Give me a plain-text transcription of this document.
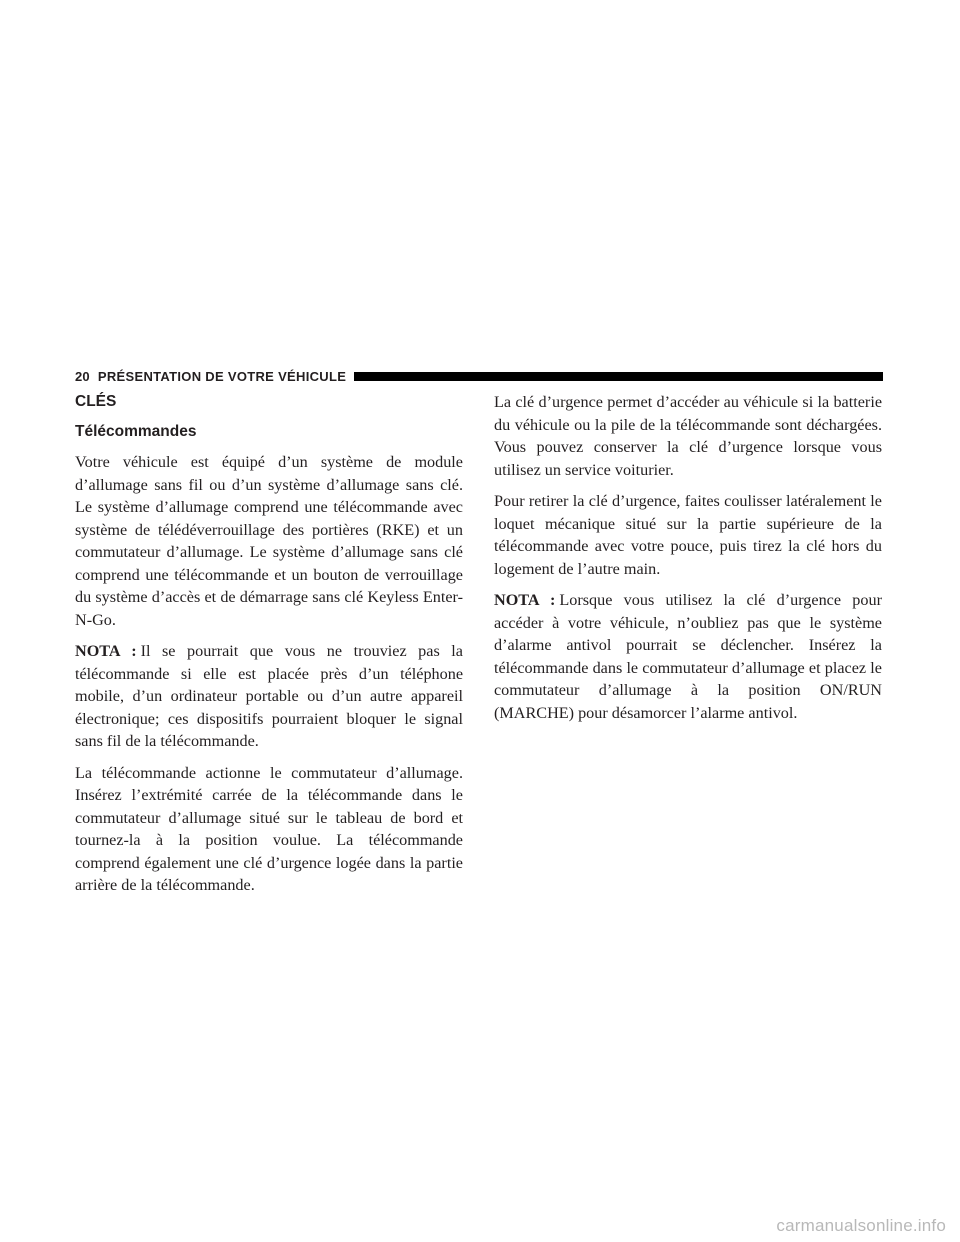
20 PRÉSENTATION DE VOTRE VÉHICULE
CLÉS
Télécommandes

Votre véhicule est équipé d’un système de module d’allumage sans fil ou d’un système d’allumage sans clé. Le système d’allumage comprend une télécommande avec système de télédéverrouillage des portières (RKE) et un commutateur d’allumage. Le système d’allumage sans clé comprend une télécommande et un bouton de verrouillage du système d’accès et de démarrage sans clé Keyless Enter-N-Go.

NOTA : Il se pourrait que vous ne trouviez pas la télécommande si elle est placée près d’un téléphone mobile, d’un ordinateur portable ou d’un autre appareil électronique; ces dispositifs pourraient bloquer le signal sans fil de la télécommande.

La télécommande actionne le commutateur d’allumage. Insérez l’extrémité carrée de la télécommande dans le commutateur d’allumage situé sur le tableau de bord et tournez-la à la position voulue. La télécommande comprend également une clé d’urgence logée dans la partie arrière de la télécommande.

La clé d’urgence permet d’accéder au véhicule si la batterie du véhicule ou la pile de la télécommande sont déchargées. Vous pouvez conserver la clé d’urgence lorsque vous utilisez un service voiturier.

Pour retirer la clé d’urgence, faites coulisser latéralement le loquet mécanique situé sur la partie supérieure de la télécommande avec votre pouce, puis tirez la clé hors du logement de l’autre main.

NOTA : Lorsque vous utilisez la clé d’urgence pour accéder à votre véhicule, n’oubliez pas que le système d’alarme antivol pourrait se déclencher. Insérez la télécommande dans le commutateur d’allumage et placez le commutateur d’allumage à la position ON/RUN (MARCHE) pour désamorcer l’alarme antivol.

carmanualsonline.info
